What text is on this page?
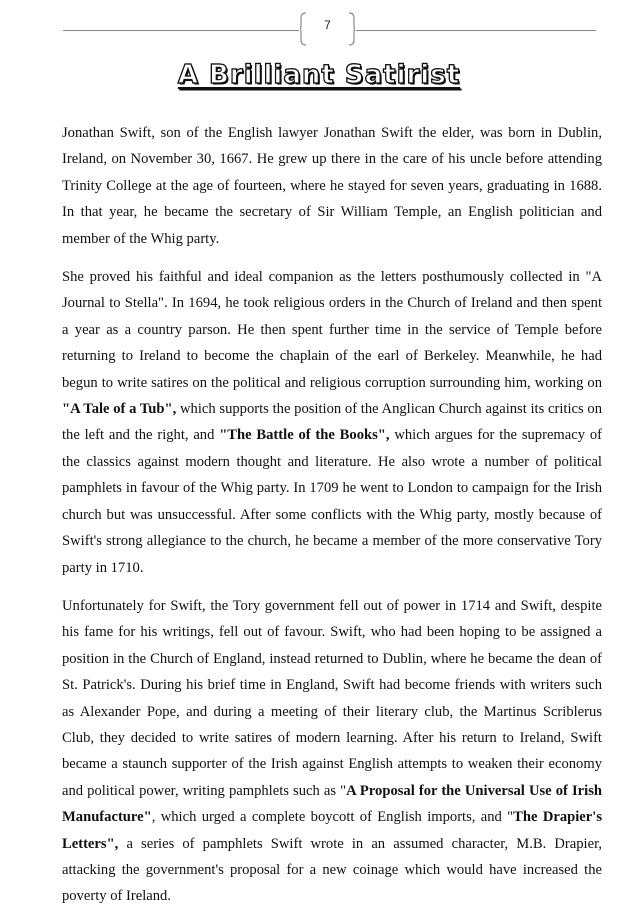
7
A Brilliant Satirist

Jonathan Swift, son of the English lawyer Jonathan Swift the elder, was born in Dublin, Ireland, on November 30, 1667. He grew up there in the care of his uncle before attending Trinity College at the age of fourteen, where he stayed for seven years, graduating in 1688. In that year, he became the secretary of Sir William Temple, an English politician and member of the Whig party.

She proved his faithful and ideal companion as the letters posthumously collected in "A Journal to Stella". In 1694, he took religious orders in the Church of Ireland and then spent a year as a country parson. He then spent further time in the service of Temple before returning to Ireland to become the chaplain of the earl of Berkeley. Meanwhile, he had begun to write satires on the political and religious corruption surrounding him, working on "A Tale of a Tub", which supports the position of the Anglican Church against its critics on the left and the right, and "The Battle of the Books", which argues for the supremacy of the classics against modern thought and literature. He also wrote a number of political pamphlets in favour of the Whig party. In 1709 he went to London to campaign for the Irish church but was unsuccessful. After some conflicts with the Whig party, mostly because of Swift's strong allegiance to the church, he became a member of the more conservative Tory party in 1710.

Unfortunately for Swift, the Tory government fell out of power in 1714 and Swift, despite his fame for his writings, fell out of favour. Swift, who had been hoping to be assigned a position in the Church of England, instead returned to Dublin, where he became the dean of St. Patrick's. During his brief time in England, Swift had become friends with writers such as Alexander Pope, and during a meeting of their literary club, the Martinus Scriblerus Club, they decided to write satires of modern learning. After his return to Ireland, Swift became a staunch supporter of the Irish against English attempts to weaken their economy and political power, writing pamphlets such as "A Proposal for the Universal Use of Irish Manufacture", which urged a complete boycott of English imports, and "The Drapier's Letters", a series of pamphlets Swift wrote in an assumed character, M.B. Drapier, attacking the government's proposal for a new coinage which would have increased the poverty of Ireland.
